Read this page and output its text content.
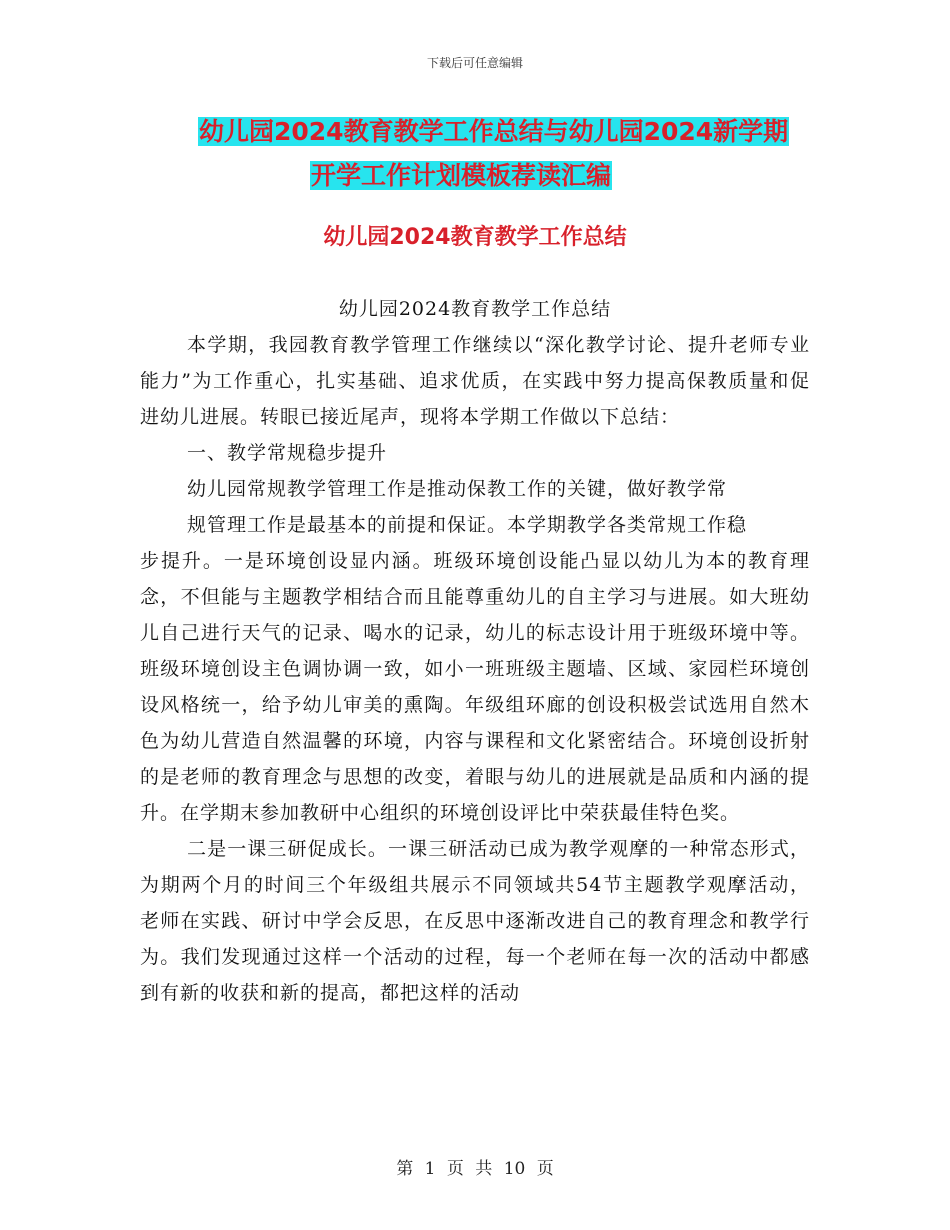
下载后可任意编辑
幼儿园2024教育教学工作总结与幼儿园2024新学期
开学工作计划模板荐读汇编
幼儿园2024教育教学工作总结

幼儿园2024教育教学工作总结

本学期，我园教育教学管理工作继续以“深化教学讨论、提升老师专业能力”为工作重心，扎实基础、追求优质，在实践中努力提高保教质量和促进幼儿进展。转眼已接近尾声，现将本学期工作做以下总结：

一、教学常规稳步提升

幼儿园常规教学管理工作是推动保教工作的关键，做好教学常

规管理工作是最基本的前提和保证。本学期教学各类常规工作稳

步提升。一是环境创设显内涵。班级环境创设能凸显以幼儿为本的教育理念，不但能与主题教学相结合而且能尊重幼儿的自主学习与进展。如大班幼儿自己进行天气的记录、喝水的记录，幼儿的标志设计用于班级环境中等。班级环境创设主色调协调一致，如小一班班级主题墙、区域、家园栏环境创设风格统一，给予幼儿审美的熏陶。年级组环廊的创设积极尝试选用自然木色为幼儿营造自然温馨的环境，内容与课程和文化紧密结合。环境创设折射的是老师的教育理念与思想的改变，着眼与幼儿的进展就是品质和内涵的提升。在学期末参加教研中心组织的环境创设评比中荣获最佳特色奖。

二是一课三研促成长。一课三研活动已成为教学观摩的一种常态形式，为期两个月的时间三个年级组共展示不同领域共54节主题教学观摩活动， 老师在实践、研讨中学会反思，在反思中逐渐改进自己的教育理念和教学行为。我们发现通过这样一个活动的过程，每一个老师在每一次的活动中都感到有新的收获和新的提高，都把这样的活动

第 1 页 共 10 页
